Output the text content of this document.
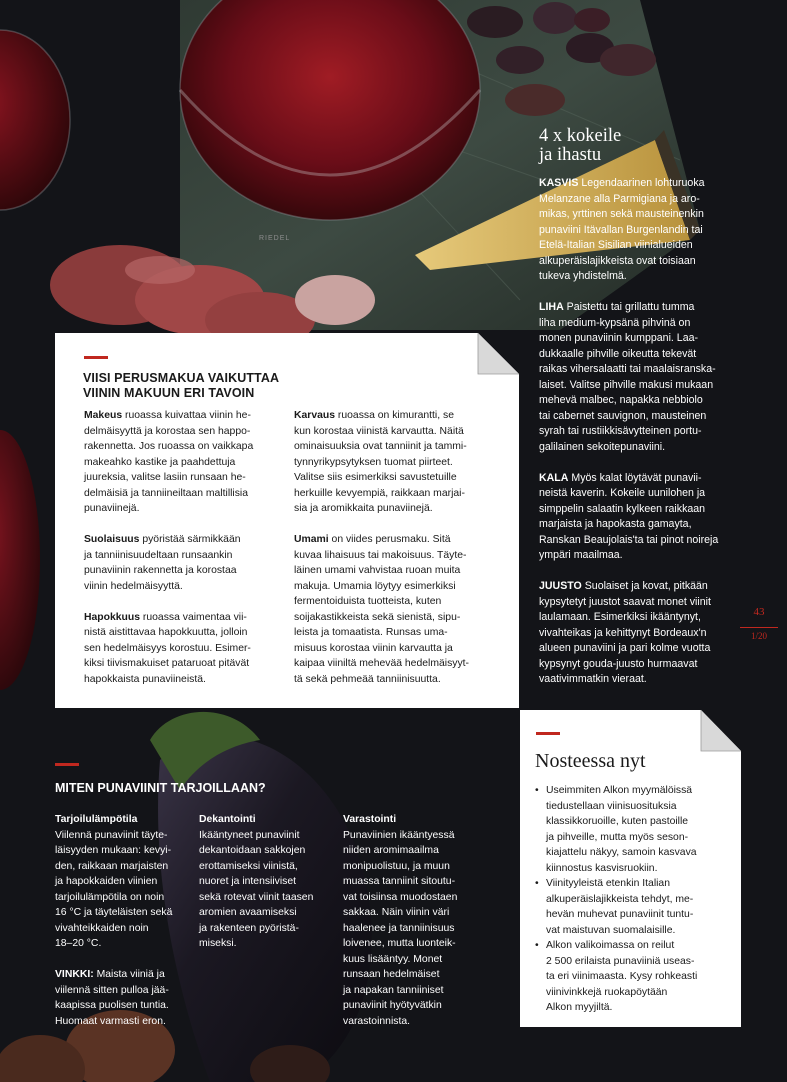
RIEDEL
4 x kokeile
ja ihastu

KASVIS Legendaarinen lohturuoka
Melanzane alla Parmigiana ja aro-
mikas, yrttinen sekä mausteinenkin
punaviini Itävallan Burgenlandin tai
Etelä-Italian Sisilian viinialueiden
alkuperäislajikkeista ovat toisiaan
tukeva yhdistelmä.

LIHA Paistettu tai grillattu tumma
liha medium-kypsänä pihvinä on
monen punaviinin kumppani. Laa-
dukkaalle pihville oikeutta tekevät
raikas vihersalaatti tai maalaisranska-
laiset. Valitse pihville makusi mukaan
mehevä malbec, napakka nebbiolo
tai cabernet sauvignon, mausteinen
syrah tai rustiikkisävytteinen portu-
galilainen sekoitepunaviini.

KALA Myös kalat löytävät punavii-
neistä kaverin. Kokeile uunilohen ja
simppelin salaatin kylkeen raikkaan
marjaista ja hapokasta gamayta,
Ranskan Beaujolais'ta tai pinot noireja
ympäri maailmaa.

JUUSTO Suolaiset ja kovat, pitkään
kypsytetyt juustot saavat monet viinit
laulamaan. Esimerkiksi ikääntynyt,
vivahteikas ja kehittynyt Bordeaux'n
alueen punaviini ja pari kolme vuotta
kypsynyt gouda-juusto hurmaavat
vaativimmatkin vieraat.

43
1/20
VIISI PERUSMAKUA VAIKUTTAA
VIININ MAKUUN ERI TAVOIN

Makeus ruoassa kuivattaa viinin he-
delmäisyyttä ja korostaa sen happo-
rakennetta. Jos ruoassa on vaikkapa
makeahko kastike ja paahdettuja
juureksia, valitse lasiin runsaan he-
delmäisiä ja tanniineiltaan maltillisia
punaviinejä.

Suolaisuus pyöristää särmikkään
ja tanniinisuudeltaan runsaankin
punaviinin rakennetta ja korostaa
viinin hedelmäisyyttä.

Hapokkuus ruoassa vaimentaa vii-
nistä aistittavaa hapokkuutta, jolloin
sen hedelmäisyys korostuu. Esimer-
kiksi tiivismakuiset pataruoat pitävät
hapokkaista punaviineistä.

Karvaus ruoassa on kimurantti, se
kun korostaa viinistä karvautta. Näitä
ominaisuuksia ovat tanniinit ja tammi-
tynnyrikypsytyksen tuomat piirteet.
Valitse siis esimerkiksi savustetuille
herkuille kevyempiä, raikkaan marjai-
sia ja aromikkaita punaviinejä.

Umami on viides perusmaku. Sitä
kuvaa lihaisuus tai makoisuus. Täyte-
läinen umami vahvistaa ruoan muita
makuja. Umamia löytyy esimerkiksi
fermentoiduista tuotteista, kuten
soijakastikkeista sekä sienistä, sipu-
leista ja tomaatista. Runsas uma-
misuus korostaa viinin karvautta ja
kaipaa viiniltä mehevää hedelmäisyyt-
tä sekä pehmeää tanniinisuutta.

MITEN PUNAVIINIT TARJOILLAAN?
Tarjoilulämpötila

Viilennä punaviinit täyte-
läisyyden mukaan: kevyi-
den, raikkaan marjaisten
ja hapokkaiden viinien
tarjoilulämpötila on noin
16 °C ja täyteläisten sekä
vivahteikkaiden noin
18–20 °C.

VINKKI: Maista viiniä ja
viilennä sitten pulloa jää-
kaapissa puolisen tuntia.
Huomaat varmasti eron.

Dekantointi

Ikääntyneet punaviinit
dekantoidaan sakkojen
erottamiseksi viinistä,
nuoret ja intensiiviset
sekä rotevat viinit taasen
aromien avaamiseksi
ja rakenteen pyöristä-
miseksi.

Varastointi

Punaviinien ikääntyessä
niiden aromimaailma
monipuolistuu, ja muun
muassa tanniinit sitoutu-
vat toisiinsa muodostaen
sakkaa. Näin viinin väri
haalenee ja tanniinisuus
loivenee, mutta luonteik-
kuus lisääntyy. Monet
runsaan hedelmäiset
ja napakan tanniiniset
punaviinit hyötyvätkin
varastoinnista.

Nosteessa nyt
• Useimmiten Alkon myymälöissä
tiedustellaan viinisuosituksia
klassikkoruoille, kuten pastoille
ja pihveille, mutta myös seson-
kiajattelu näkyy, samoin kasvava
kiinnostus kasvisruokiin.
• Viinityyleistä etenkin Italian
alkuperäislajikkeista tehdyt, me-
hevän muhevat punaviinit tuntu-
vat maistuvan suomalaisille.
• Alkon valikoimassa on reilut
2 500 erilaista punaviiniä useas-
ta eri viinimaasta. Kysy rohkeasti
viinivinkkejä ruokapöytään
Alkon myyjiltä.
